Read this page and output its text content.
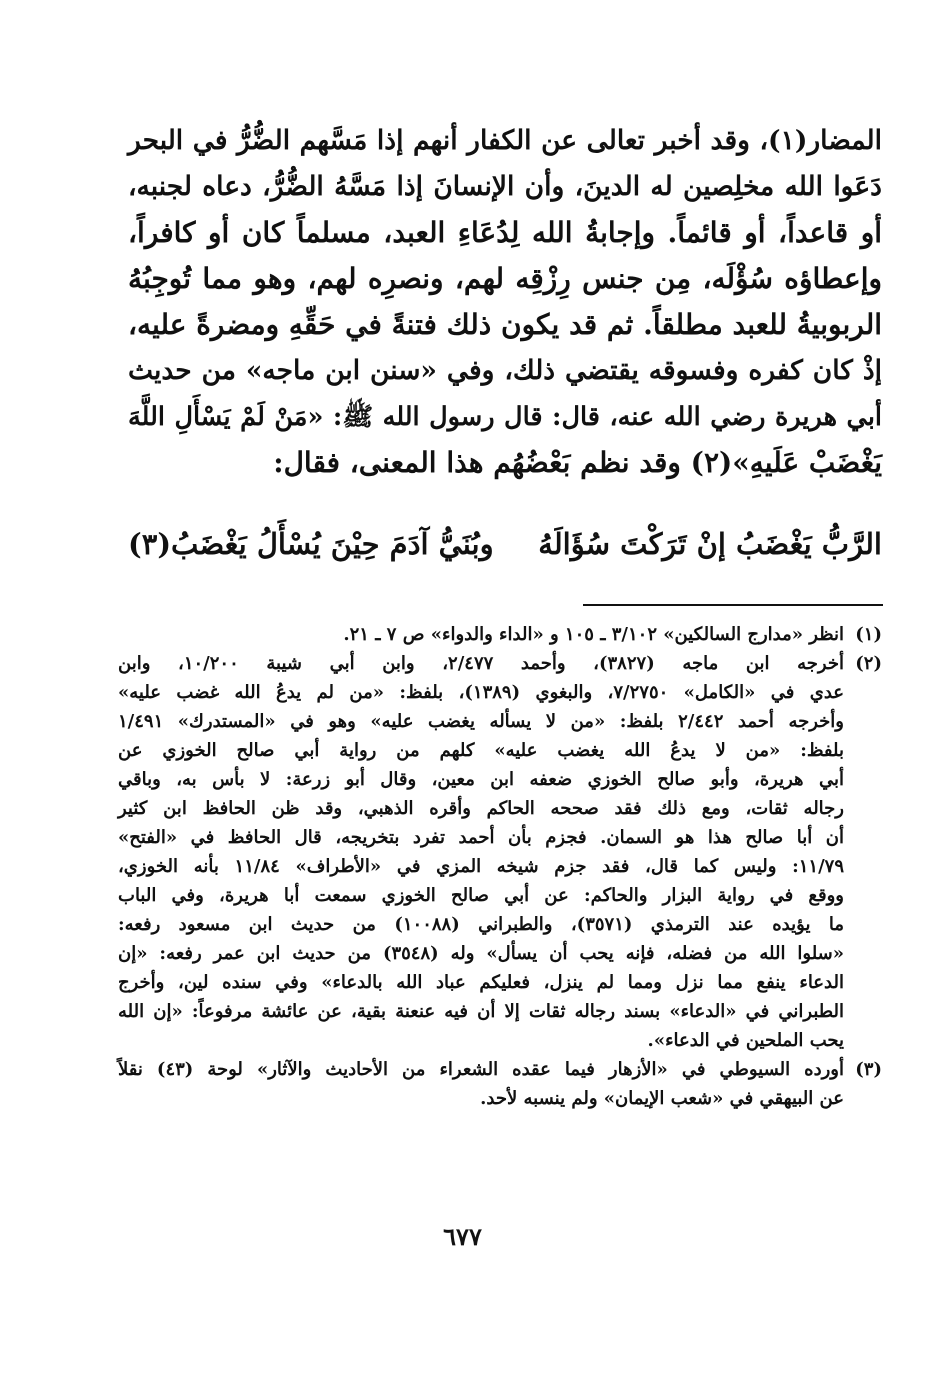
المضار(١)، وقد أخبر تعالى عن الكفار أنهم إذا مَسَّهم الضُّرُّ في البحر
دَعَوا الله مخلِصين له الدينَ، وأن الإنسانَ إذا مَسَّهُ الضُّرُّ، دعاه لجنبه،
أو قاعداً، أو قائماً. وإجابةُ الله لِدُعَاءِ العبد، مسلماً كان أو كافراً،
وإعطاؤه سُؤْلَه، مِن جنس رِزْقِه لهم، ونصرِه لهم، وهو مما تُوجِبُهُ
الربوبيةُ للعبد مطلقاً. ثم قد يكون ذلك فتنةً في حَقِّهِ ومضرةً عليه،
إذْ كان كفره وفسوقه يقتضي ذلك، وفي «سنن ابن ماجه» من حديث
أبي هريرة رضي الله عنه، قال: قال رسول الله ﷺ: «مَنْ لَمْ يَسْأَلِ اللَّهَ
يَغْضَبْ عَلَيهِ»(٢) وقد نظم بَعْضُهُم هذا المعنى، فقال:
الرَّبُّ يَغْضَبُ إنْ تَرَكْتَ سُؤَالَهُ
وبُنَيُّ آدَمَ حِيْنَ يُسْأَلُ يَغْضَبُ(٣)
(١)
انظر «مدارج السالكين» ٣/١٠٢ ـ ١٠٥ و «الداء والدواء» ص ٧ ـ ٢١.
(٢)
أخرجه ابن ماجه (٣٨٢٧)، وأحمد ٢/٤٧٧، وابن أبي شيبة ١٠/٢٠٠، وابن
عدي في «الكامل» ٧/٢٧٥٠، والبغوي (١٣٨٩)، بلفظ: «من لم يدعُ الله غضب عليه»
وأخرجه أحمد ٢/٤٤٢ بلفظ: «من لا يسأله يغضب عليه» وهو في «المستدرك» ١/٤٩١
بلفظ: «من لا يدعُ الله يغضب عليه» كلهم من رواية أبي صالح الخوزي عن
أبي هريرة، وأبو صالح الخوزي ضعفه ابن معين، وقال أبو زرعة: لا بأس به، وباقي
رجاله ثقات، ومع ذلك فقد صححه الحاكم وأقره الذهبي، وقد ظن الحافظ ابن كثير
أن أبا صالح هذا هو السمان. فجزم بأن أحمد تفرد بتخريجه، قال الحافظ في «الفتح»
١١/٧٩: وليس كما قال، فقد جزم شيخه المزي في «الأطراف» ١١/٨٤ بأنه الخوزي،
ووقع في رواية البزار والحاكم: عن أبي صالح الخوزي سمعت أبا هريرة، وفي الباب
ما يؤيده عند الترمذي (٣٥٧١)، والطبراني (١٠٠٨٨) من حديث ابن مسعود رفعه:
«سلوا الله من فضله، فإنه يحب أن يسأل» وله (٣٥٤٨) من حديث ابن عمر رفعه: «إن
الدعاء ينفع مما نزل ومما لم ينزل، فعليكم عباد الله بالدعاء» وفي سنده لين، وأخرج
الطبراني في «الدعاء» بسند رجاله ثقات إلا أن فيه عنعنة بقية، عن عائشة مرفوعاً: «إن الله
يحب الملحين في الدعاء».
(٣)
أورده السيوطي في «الأزهار فيما عقده الشعراء من الأحاديث والآثار» لوحة (٤٣) نقلاً
عن البيهقي في «شعب الإيمان» ولم ينسبه لأحد.
٦٧٧
